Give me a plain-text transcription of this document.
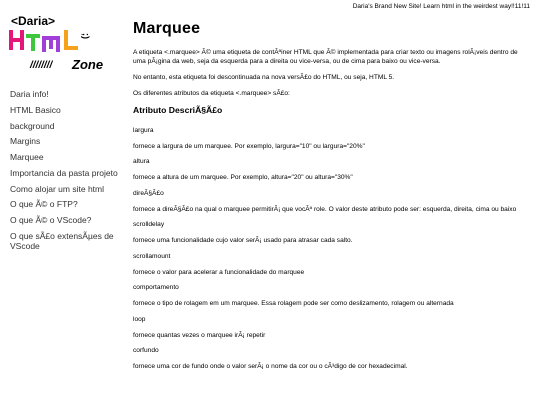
Daria's Brand New Site! Learn html in the weirdest way!!11!11
<Daria>
;)
//////// Zone
Daria info!
HTML Basico
background
Margins
Marquee
Importancia da pasta projeto
Como alojar um site html
O que Ã© o FTP?
O que Ã© o VScode?
O que sÃ£o extensÃµes de VScode
Marquee

A etiqueta <.marquee> Ã© uma etiqueta de contÃªiner HTML que Ã© implementada para criar texto ou imagens rolÃ¡veis dentro de uma pÃ¡gina da web, seja da esquerda para a direita ou vice-versa, ou de cima para baixo ou vice-versa.

No entanto, esta etiqueta foi descontinuada na nova versÃ£o do HTML, ou seja, HTML 5.

Os diferentes atributos da etiqueta <.marquee> sÃ£o:

Atributo DescriÃ§Ã£o

largura

fornece a largura de um marquee. Por exemplo, largura="10" ou largura="20%"

altura

fornece a altura de um marquee. Por exemplo, altura="20" ou altura="30%"

direÃ§Ã£o

fornece a direÃ§Ã£o na qual o marquee permitirÃ¡ que vocÃª role. O valor deste atributo pode ser: esquerda, direita, cima ou baixo

scrolldelay

fornece uma funcionalidade cujo valor serÃ¡ usado para atrasar cada salto.

scrollamount

fornece o valor para acelerar a funcionalidade do marquee

comportamento

fornece o tipo de rolagem em um marquee. Essa rolagem pode ser como deslizamento, rolagem ou alternada

loop

fornece quantas vezes o marquee irÃ¡ repetir

corfundo

fornece uma cor de fundo onde o valor serÃ¡ o nome da cor ou o cÃ³digo de cor hexadecimal.
